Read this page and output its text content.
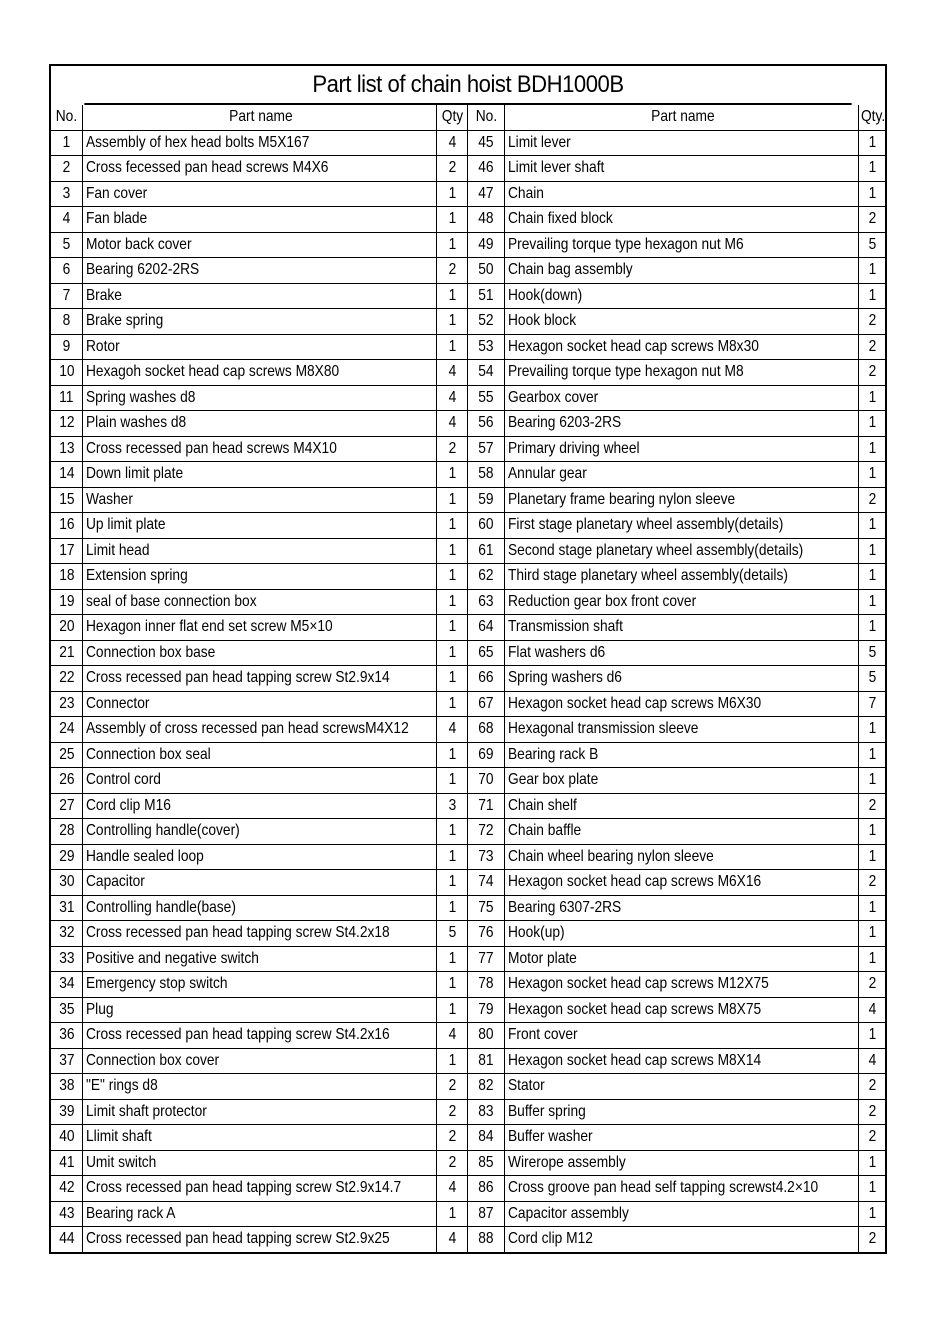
Part list of chain hoist BDH1000B
No.	Part name	Qty	No.	Part name	Qty.
1	Assembly of hex head bolts M5X167	4	45	Limit lever	1
2	Cross fecessed pan head screws M4X6	2	46	Limit lever shaft	1
3	Fan cover	1	47	Chain	1
4	Fan blade	1	48	Chain fixed block	2
5	Motor back cover	1	49	Prevailing torque type hexagon nut M6	5
6	Bearing 6202-2RS	2	50	Chain bag assembly	1
7	Brake	1	51	Hook(down)	1
8	Brake spring	1	52	Hook block	2
9	Rotor	1	53	Hexagon socket head cap screws M8x30	2
10	Hexagoh socket head cap screws M8X80	4	54	Prevailing torque type hexagon nut M8	2
11	Spring washes d8	4	55	Gearbox cover	1
12	Plain washes d8	4	56	Bearing 6203-2RS	1
13	Cross recessed pan head screws M4X10	2	57	Primary driving wheel	1
14	Down limit plate	1	58	Annular gear	1
15	Washer	1	59	Planetary frame bearing nylon sleeve	2
16	Up limit plate	1	60	First stage planetary wheel assembly(details)	1
17	Limit head	1	61	Second stage planetary wheel assembly(details)	1
18	Extension spring	1	62	Third stage planetary wheel assembly(details)	1
19	seal of base connection box	1	63	Reduction gear box front cover	1
20	Hexagon inner flat end set screw M5×10	1	64	Transmission shaft	1
21	Connection box base	1	65	Flat washers d6	5
22	Cross recessed pan head tapping screw St2.9x14	1	66	Spring washers d6	5
23	Connector	1	67	Hexagon socket head cap screws M6X30	7
24	Assembly of cross recessed pan head screwsM4X12	4	68	Hexagonal transmission sleeve	1
25	Connection box seal	1	69	Bearing rack B	1
26	Control cord	1	70	Gear box plate	1
27	Cord clip M16	3	71	Chain shelf	2
28	Controlling handle(cover)	1	72	Chain baffle	1
29	Handle sealed loop	1	73	Chain wheel bearing nylon sleeve	1
30	Capacitor	1	74	Hexagon socket head cap screws M6X16	2
31	Controlling handle(base)	1	75	Bearing 6307-2RS	1
32	Cross recessed pan head tapping screw St4.2x18	5	76	Hook(up)	1
33	Positive and negative switch	1	77	Motor plate	1
34	Emergency stop switch	1	78	Hexagon socket head cap screws M12X75	2
35	Plug	1	79	Hexagon socket head cap screws M8X75	4
36	Cross recessed pan head tapping screw St4.2x16	4	80	Front cover	1
37	Connection box cover	1	81	Hexagon socket head cap screws M8X14	4
38	"E" rings d8	2	82	Stator	2
39	Limit shaft protector	2	83	Buffer spring	2
40	Llimit shaft	2	84	Buffer washer	2
41	Umit switch	2	85	Wirerope assembly	1
42	Cross recessed pan head tapping screw St2.9x14.7	4	86	Cross groove pan head self tapping screwst4.2×10	1
43	Bearing rack A	1	87	Capacitor assembly	1
44	Cross recessed pan head tapping screw St2.9x25	4	88	Cord clip M12	2
